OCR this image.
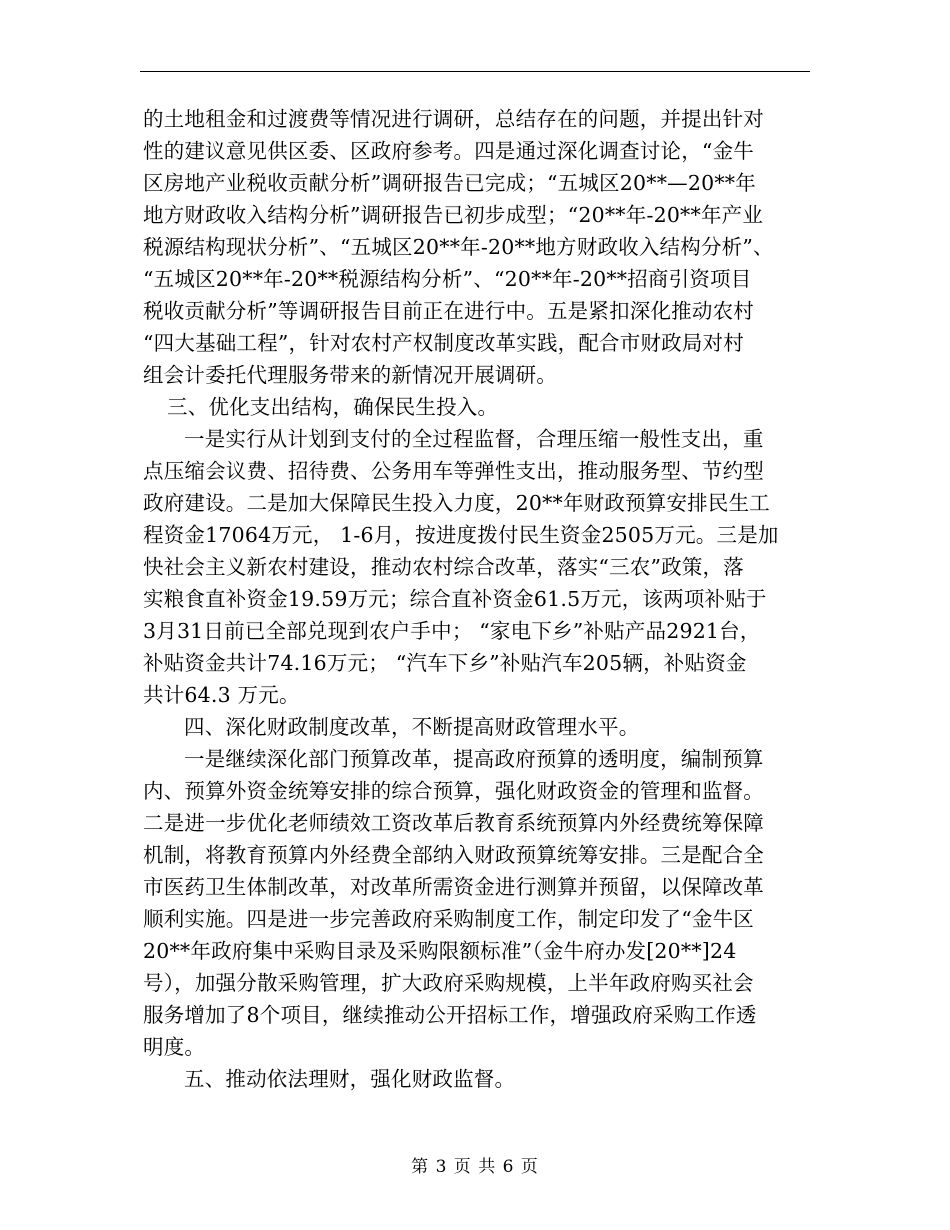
的土地租金和过渡费等情况进行调研，总结存在的问题，并提出针对
性的建议意见供区委、区政府参考。四是通过深化调查讨论，“金牛
区房地产业税收贡献分析”调研报告已完成；“五城区20**—20**年
地方财政收入结构分析”调研报告已初步成型；“20**年-20**年产业
税源结构现状分析”、“五城区20**年-20**地方财政收入结构分析”、
“五城区20**年-20**税源结构分析”、“20**年-20**招商引资项目
税收贡献分析”等调研报告目前正在进行中。五是紧扣深化推动农村
“四大基础工程”，针对农村产权制度改革实践，配合市财政局对村
组会计委托代理服务带来的新情况开展调研。
三、优化支出结构，确保民生投入。
一是实行从计划到支付的全过程监督，合理压缩一般性支出，重
点压缩会议费、招待费、公务用车等弹性支出，推动服务型、节约型
政府建设。二是加大保障民生投入力度，20**年财政预算安排民生工
程资金17064万元， 1-6月，按进度拨付民生资金2505万元。三是加
快社会主义新农村建设，推动农村综合改革，落实“三农”政策，落
实粮食直补资金19.59万元；综合直补资金61.5万元，该两项补贴于
3月31日前已全部兑现到农户手中； “家电下乡”补贴产品2921台，
补贴资金共计74.16万元； “汽车下乡”补贴汽车205辆，补贴资金
共计64.3 万元。
四、深化财政制度改革，不断提高财政管理水平。
一是继续深化部门预算改革，提高政府预算的透明度，编制预算
内、预算外资金统筹安排的综合预算，强化财政资金的管理和监督。
二是进一步优化老师绩效工资改革后教育系统预算内外经费统筹保障
机制，将教育预算内外经费全部纳入财政预算统筹安排。三是配合全
市医药卫生体制改革，对改革所需资金进行测算并预留，以保障改革
顺利实施。四是进一步完善政府采购制度工作，制定印发了“金牛区
20**年政府集中采购目录及采购限额标准”（金牛府办发[20**]24
号），加强分散采购管理，扩大政府采购规模，上半年政府购买社会
服务增加了8个项目，继续推动公开招标工作，增强政府采购工作透
明度。
五、推动依法理财，强化财政监督。
第 3 页 共 6 页
